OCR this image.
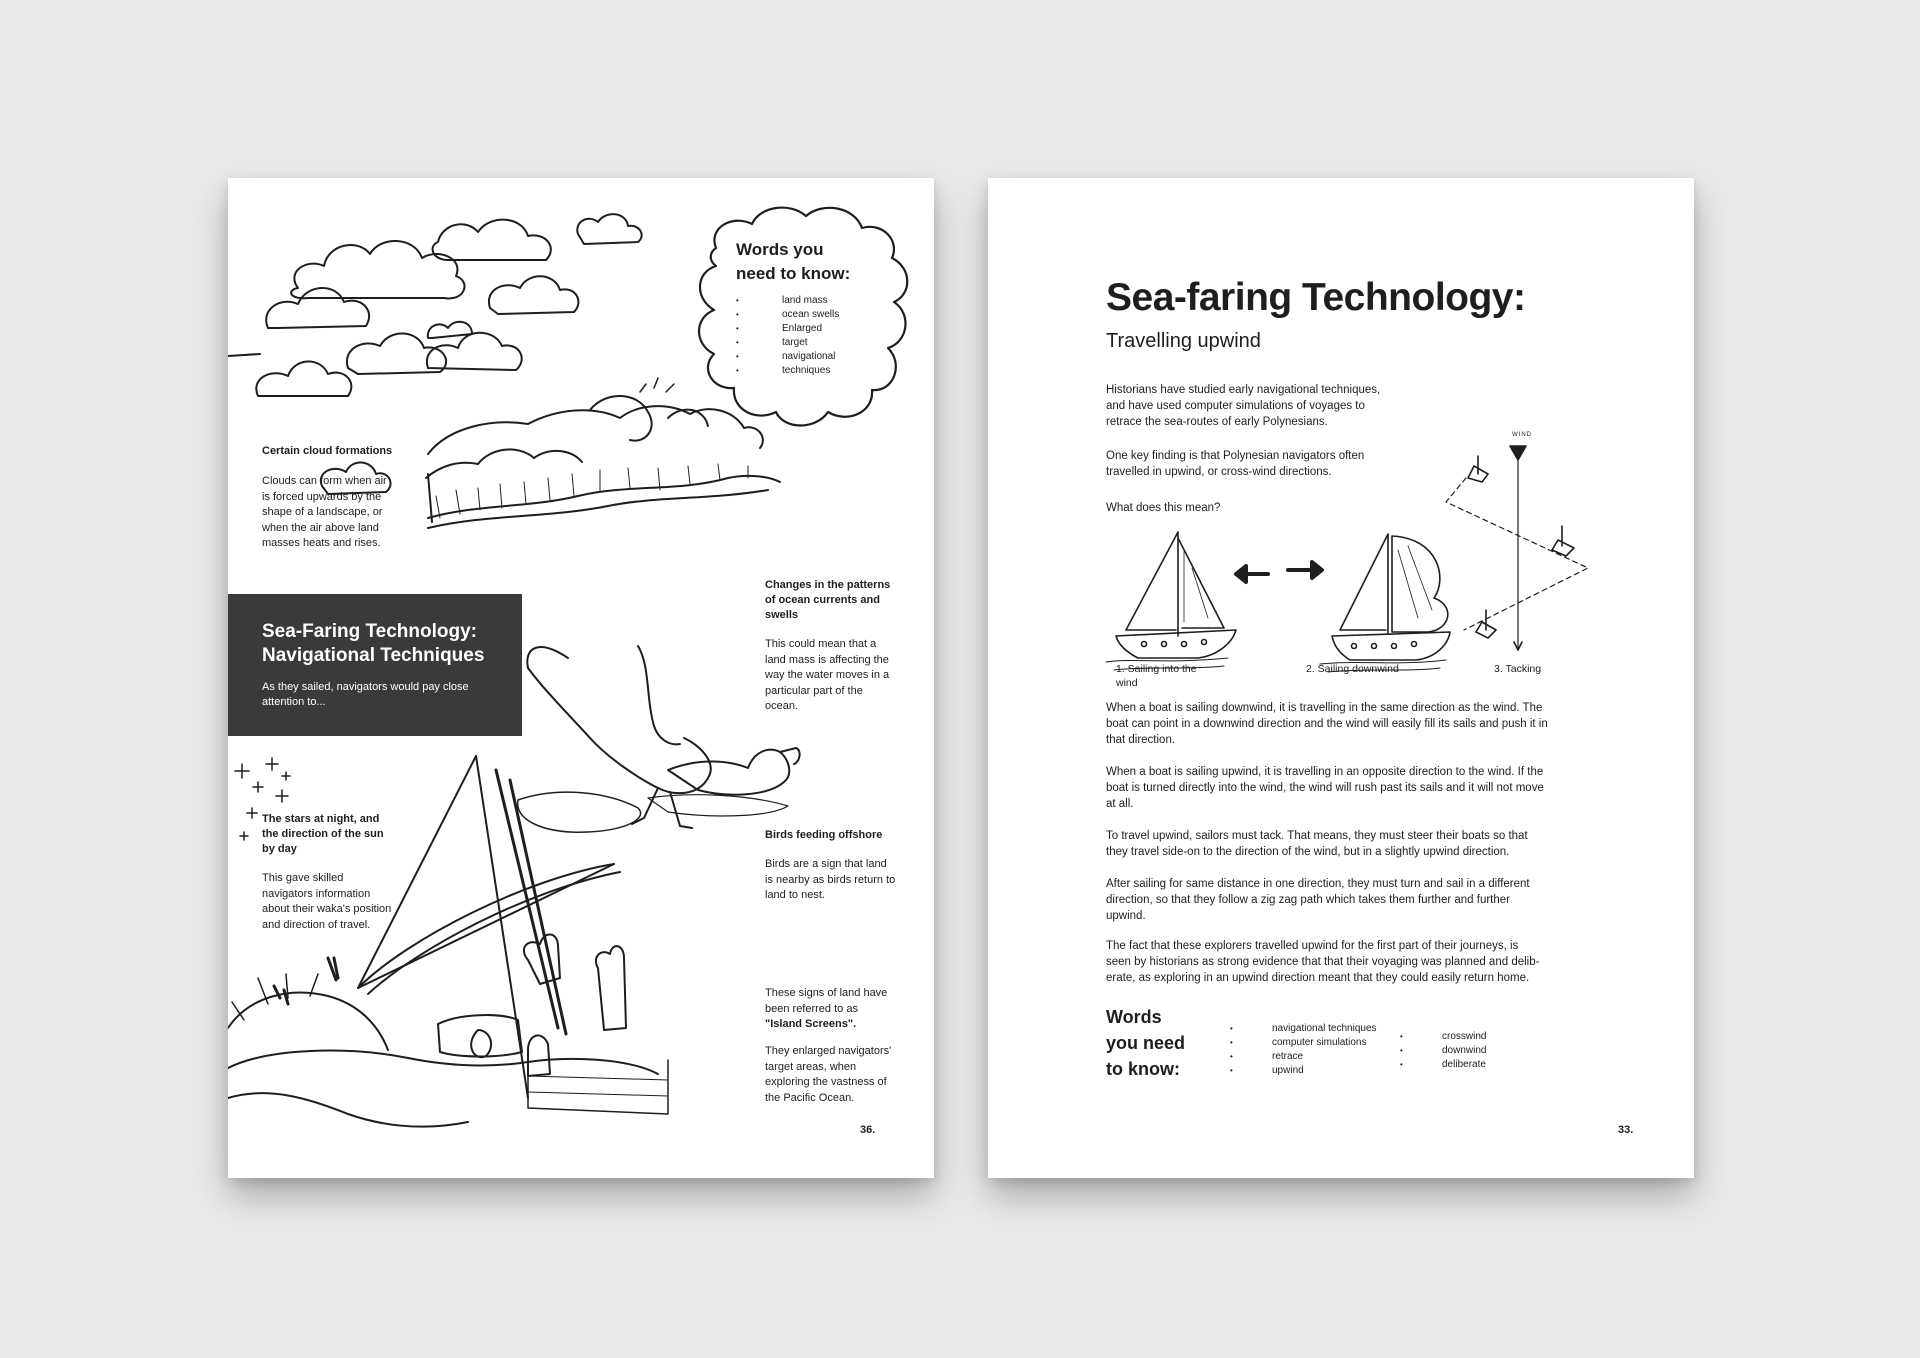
Words you
need to know:
• land mass
• ocean swells
• Enlarged
• target
• navigational
• techniques
Certain cloud formations
Clouds can form when air
is forced upwards by the
shape of a landscape, or
when the air above land
masses heats and rises.
Changes in the patterns
of ocean currents and
swells
This could mean that a
land mass is affecting the
way the water moves in a
particular part of the
ocean.
Sea-Faring Technology:
Navigational Techniques
As they sailed, navigators would pay close
attention to...
The stars at night, and
the direction of the sun
by day
This gave skilled
navigators information
about their waka's position
and direction of travel.
Birds feeding offshore
Birds are a sign that land
is nearby as birds return to
land to nest.
These signs of land have
been referred to as
"Island Screens".
They enlarged navigators'
target areas, when
exploring the vastness of
the Pacific Ocean.
36.
Sea-faring Technology:
Travelling upwind
Historians have studied early navigational techniques,
and have used computer simulations of voyages to
retrace the sea-routes of early Polynesians.
One key finding is that Polynesian navigators often
travelled in upwind, or cross-wind directions.
What does this mean?
WIND
1. Sailing into the
wind
2. Sailing downwind	3. Tacking
When a boat is sailing downwind, it is travelling in the same direction as the wind. The
boat can point in a downwind direction and the wind will easily fill its sails and push it in
that direction.
When a boat is sailing upwind, it is travelling in an opposite direction to the wind. If the
boat is turned directly into the wind, the wind will rush past its sails and it will not move
at all.
To travel upwind, sailors must tack. That means, they must steer their boats so that
they travel side-on to the direction of the wind, but in a slightly upwind direction.
After sailing for same distance in one direction, they must turn and sail in a different
direction, so that they follow a zig zag path which takes them further and further
upwind.
The fact that these explorers travelled upwind for the first part of their journeys, is
seen by historians as strong evidence that that their voyaging was planned and delib-
erate, as exploring in an upwind direction meant that they could easily return home.
Words
you need
to know:
• navigational techniques
• computer simulations
• retrace
• upwind
• crosswind
• downwind
• deliberate
33.
